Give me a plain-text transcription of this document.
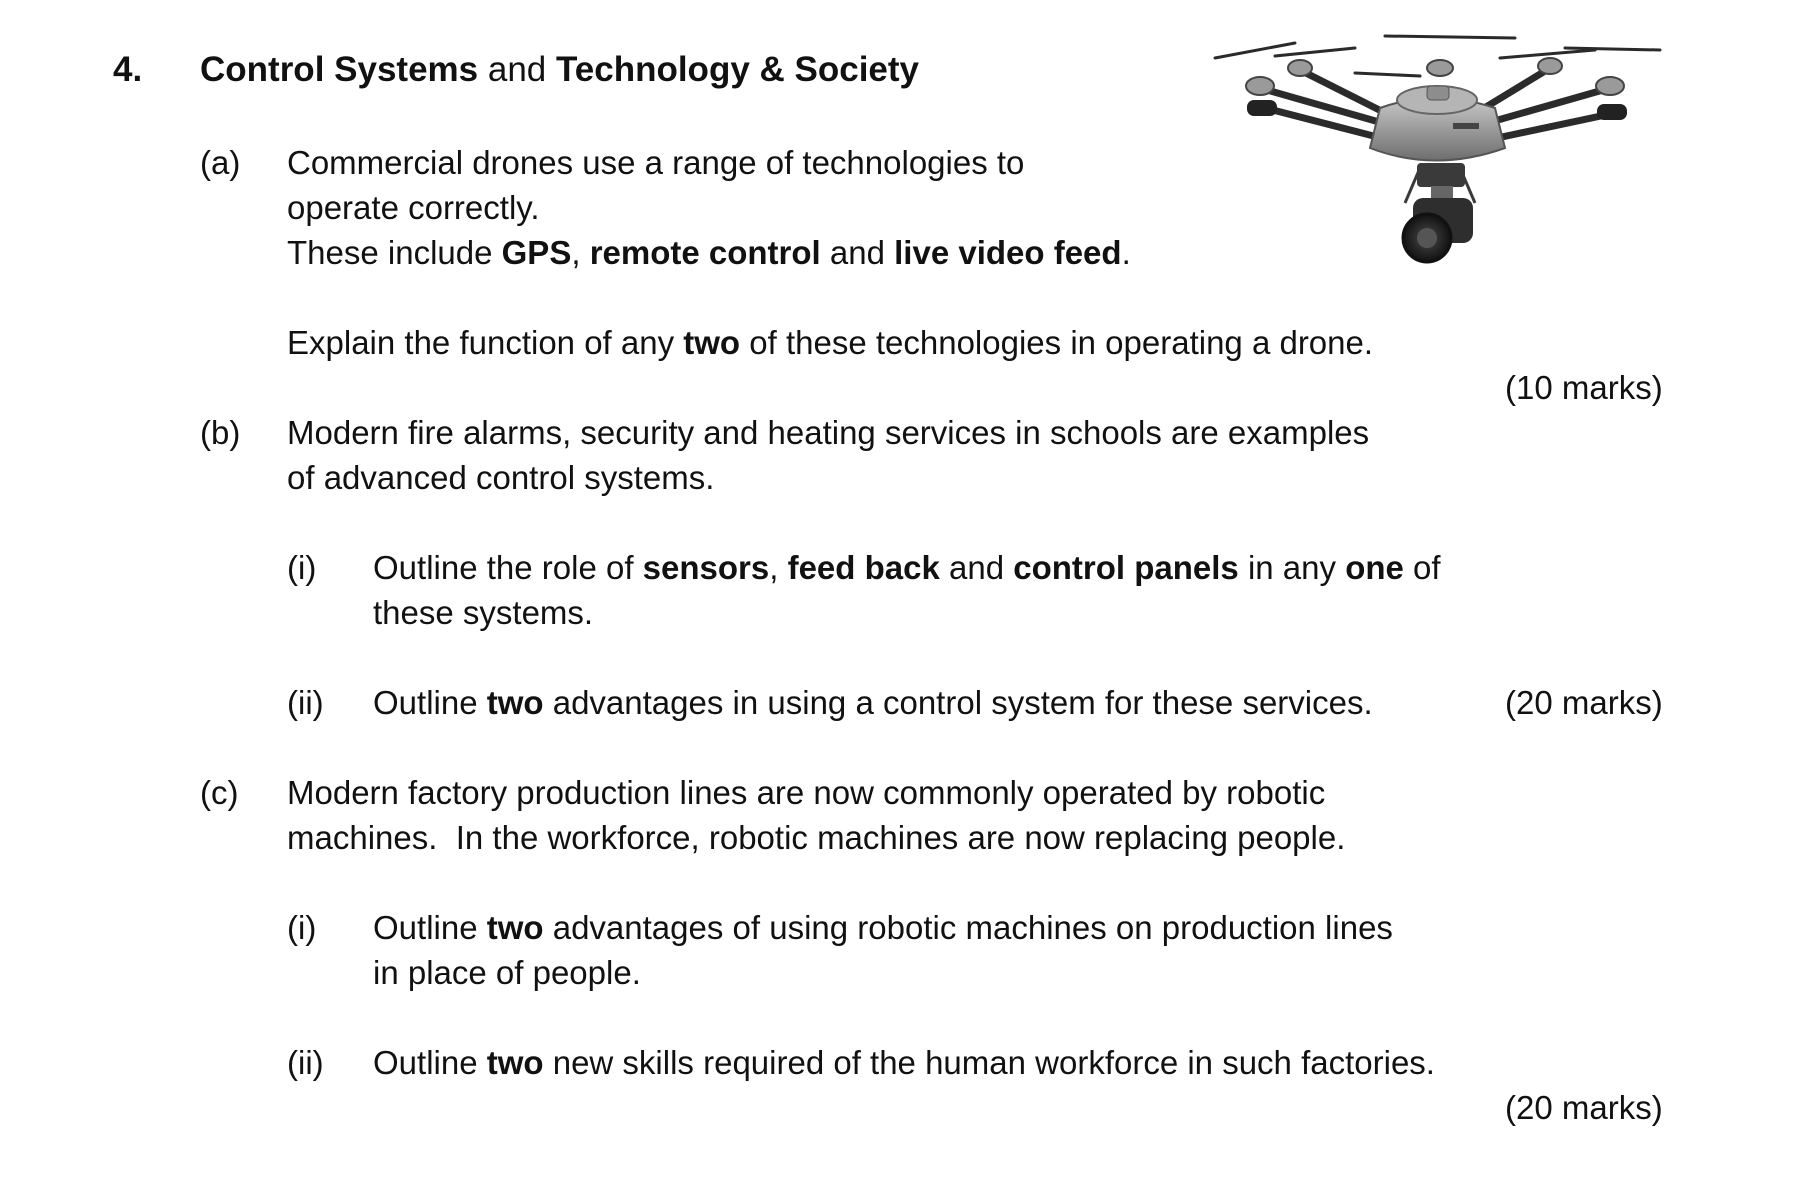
4. Control Systems and Technology & Society
(a) Commercial drones use a range of technologies to
operate correctly.
These include GPS, remote control and live video feed.
Explain the function of any two of these technologies in operating a drone.
(10 marks)
(b) Modern fire alarms, security and heating services in schools are examples
of advanced control systems.
(i) Outline the role of sensors, feed back and control panels in any one of
these systems.
(ii) Outline two advantages in using a control system for these services.	(20 marks)
(c) Modern factory production lines are now commonly operated by robotic
machines.  In the workforce, robotic machines are now replacing people.
(i) Outline two advantages of using robotic machines on production lines
in place of people.
(ii) Outline two new skills required of the human workforce in such factories.
(20 marks)
